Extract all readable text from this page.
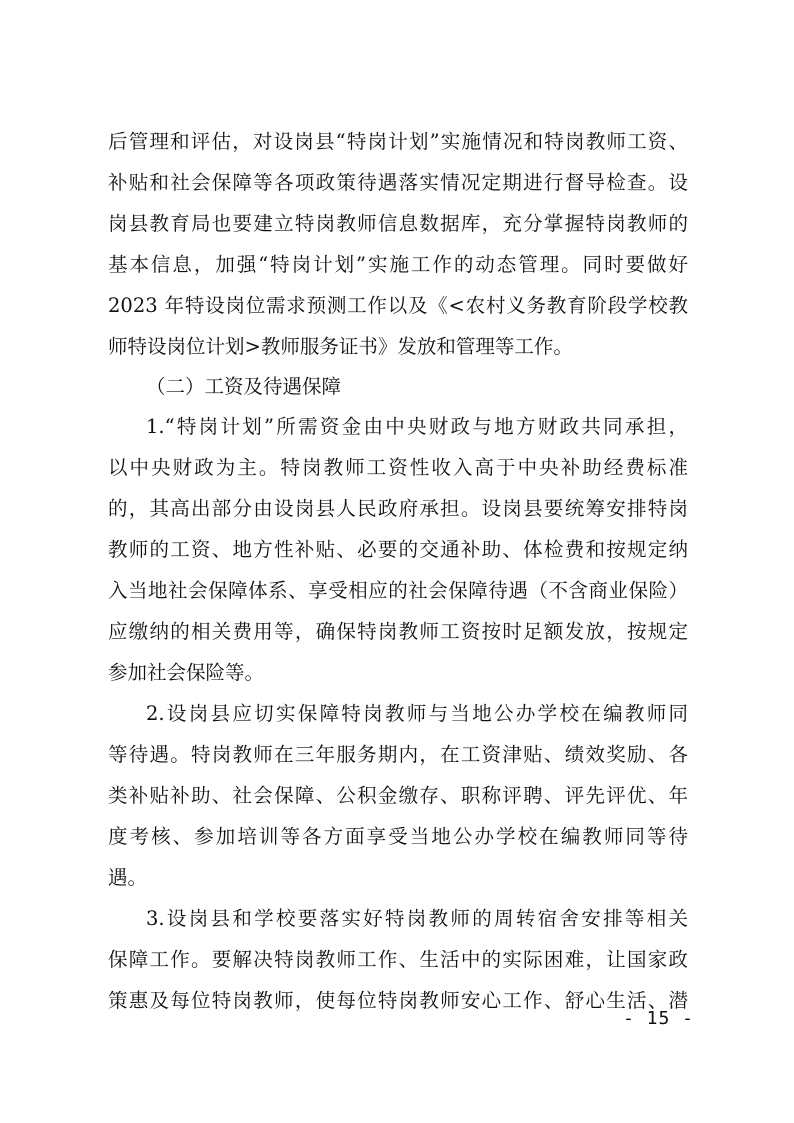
后管理和评估，对设岗县“特岗计划”实施情况和特岗教师工资、
补贴和社会保障等各项政策待遇落实情况定期进行督导检查。设
岗县教育局也要建立特岗教师信息数据库，充分掌握特岗教师的
基本信息，加强“特岗计划”实施工作的动态管理。同时要做好
2023 年特设岗位需求预测工作以及《<农村义务教育阶段学校教
师特设岗位计划>教师服务证书》发放和管理等工作。
（二）工资及待遇保障
1.“特岗计划”所需资金由中央财政与地方财政共同承担，
以中央财政为主。特岗教师工资性收入高于中央补助经费标准
的，其高出部分由设岗县人民政府承担。设岗县要统筹安排特岗
教师的工资、地方性补贴、必要的交通补助、体检费和按规定纳
入当地社会保障体系、享受相应的社会保障待遇（不含商业保险）
应缴纳的相关费用等，确保特岗教师工资按时足额发放，按规定
参加社会保险等。
2.设岗县应切实保障特岗教师与当地公办学校在编教师同
等待遇。特岗教师在三年服务期内，在工资津贴、绩效奖励、各
类补贴补助、社会保障、公积金缴存、职称评聘、评先评优、年
度考核、参加培训等各方面享受当地公办学校在编教师同等待
遇。
3.设岗县和学校要落实好特岗教师的周转宿舍安排等相关
保障工作。要解决特岗教师工作、生活中的实际困难，让国家政
策惠及每位特岗教师，使每位特岗教师安心工作、舒心生活、潜
- 15 -
